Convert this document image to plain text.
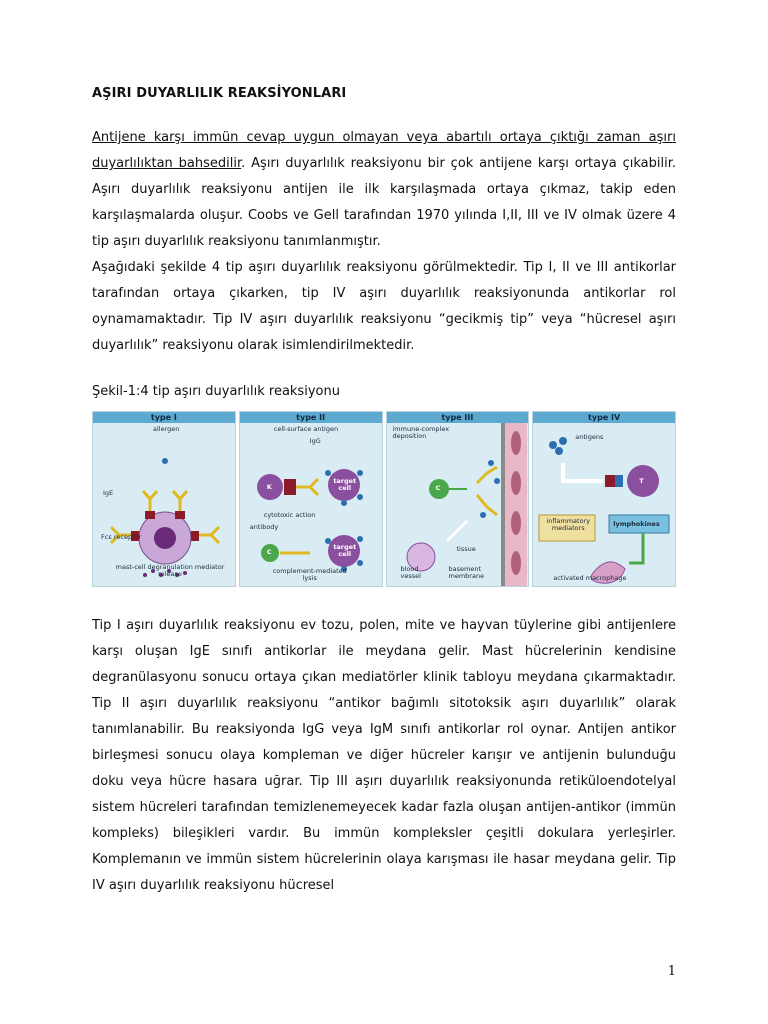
AŞIRI DUYARLILIK REAKSİYONLARI

Antijene karşı immün cevap uygun olmayan veya abartılı ortaya çıktığı zaman aşırı duyarlılıktan bahsedilir. Aşırı duyarlılık reaksiyonu bir çok antijene karşı ortaya çıkabilir. Aşırı duyarlılık reaksiyonu antijen ile ilk karşılaşmada ortaya çıkmaz, takip eden karşılaşmalarda oluşur. Coobs ve Gell tarafından 1970 yılında I,II, III ve IV olmak üzere 4 tip aşırı duyarlılık reaksiyonu tanımlanmıştır.

Aşağıdaki şekilde 4 tip aşırı duyarlılık reaksiyonu görülmektedir. Tip I, II ve III antikorlar tarafından ortaya çıkarken, tip IV aşırı duyarlılık reaksiyonunda antikorlar rol oynamamaktadır. Tip IV aşırı duyarlılık reaksiyonu “gecikmiş tip” veya “hücresel aşırı duyarlılık” reaksiyonu olarak isimlendirilmektedir.

Şekil-1:4 tip aşırı duyarlılık reaksiyonu

type I
allergen
IgE
Fcε receptor
mast-cell degranulation mediator release
type II
cell-surface antigen
IgG
K
target cell
cytotoxic action
antibody
C
target cell
complement-mediated lysis
type III
immune-complex deposition
C
tissue
blood vessel
basement membrane
type IV
antigens
T
inflammatory mediators	lymphokines
activated macrophage

Tip I aşırı duyarlılık reaksiyonu ev tozu, polen, mite ve hayvan tüylerine gibi antijenlere karşı oluşan IgE sınıfı antikorlar ile meydana gelir. Mast hücrelerinin kendisine degranülasyonu sonucu ortaya çıkan mediatörler klinik tabloyu meydana çıkarmaktadır. Tip II aşırı duyarlılık reaksiyonu “antikor bağımlı sitotoksik aşırı duyarlılık” olarak tanımlanabilir. Bu reaksiyonda IgG veya IgM sınıfı antikorlar rol oynar. Antijen antikor birleşmesi sonucu olaya kompleman ve diğer hücreler karışır ve antijenin bulunduğu doku veya hücre hasara uğrar. Tip III aşırı duyarlılık reaksiyonunda retiküloendotelyal sistem hücreleri tarafından temizlenemeyecek kadar fazla oluşan antijen-antikor (immün kompleks) bileşikleri vardır. Bu immün kompleksler çeşitli dokulara yerleşirler. Komplemanın ve immün sistem hücrelerinin olaya karışması ile hasar meydana gelir. Tip IV aşırı duyarlılık reaksiyonu hücresel

1
